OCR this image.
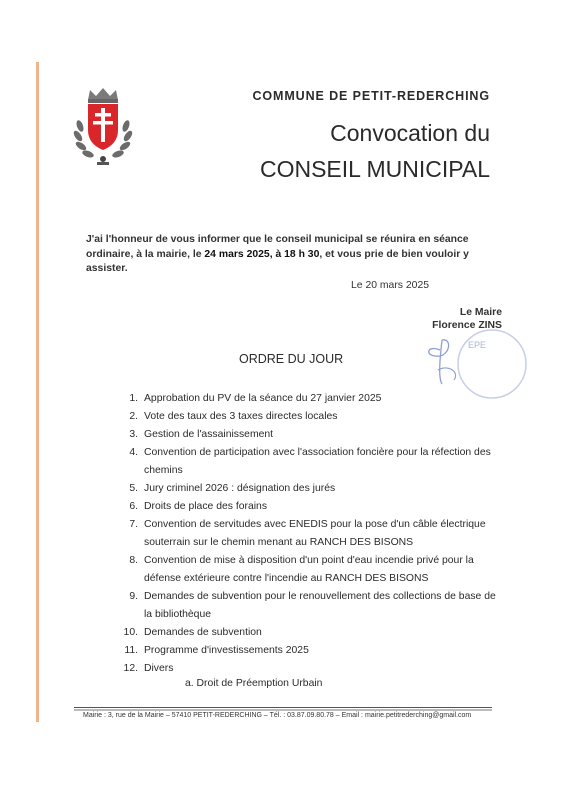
COMMUNE DE PETIT-REDERCHING
Convocation du
CONSEIL MUNICIPAL
J'ai l'honneur de vous informer que le conseil municipal se réunira en séance ordinaire, à la mairie, le 24 mars 2025, à 18 h 30, et vous prie de bien vouloir y assister.
Le 20 mars 2025
Le Maire
Florence ZINS
EPE
ORDRE DU JOUR
1. Approbation du PV de la séance du 27 janvier 2025
2. Vote des taux des 3 taxes directes locales
3. Gestion de l'assainissement
4. Convention de participation avec l'association foncière pour la réfection des chemins
5. Jury criminel 2026 : désignation des jurés
6. Droits de place des forains
7. Convention de servitudes avec ENEDIS pour la pose d'un câble électrique souterrain sur le chemin menant au RANCH DES BISONS
8. Convention de mise à disposition d'un point d'eau incendie privé pour la défense extérieure contre l'incendie au RANCH DES BISONS
9. Demandes de subvention pour le renouvellement des collections de base de la bibliothèque
10. Demandes de subvention
11. Programme d'investissements 2025
12. Divers
a. Droit de Préemption Urbain
Mairie : 3, rue de la Mairie – 57410 PETIT-REDERCHING – Tél. : 03.87.09.80.78 – Email : mairie.petitrederching@gmail.com
